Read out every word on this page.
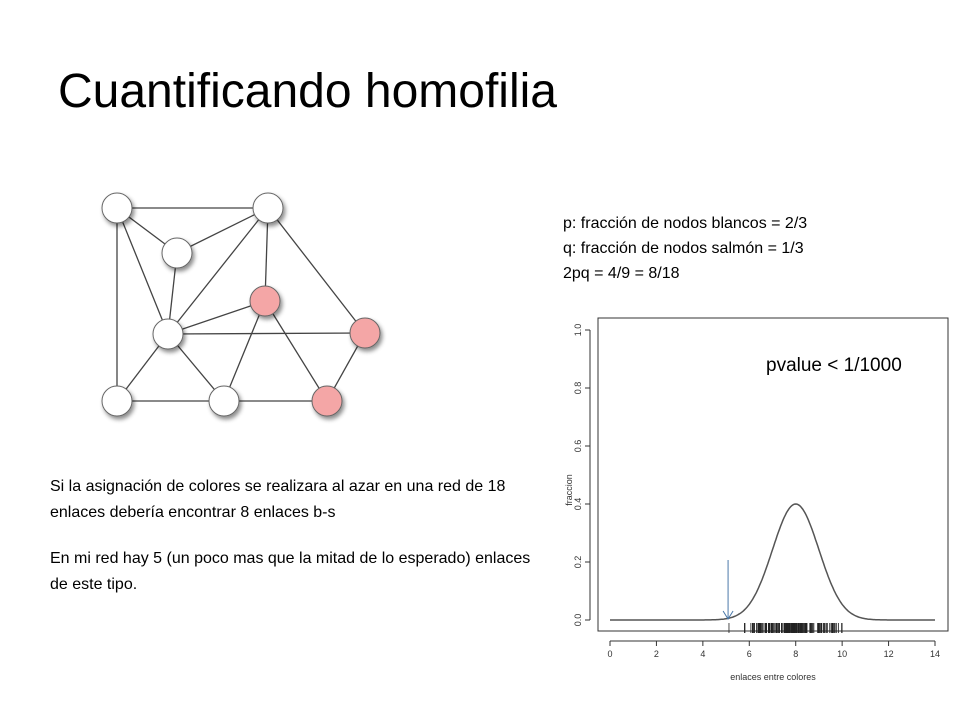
Cuantificando homofilia
p: fracción de nodos blancos = 2/3
q: fracción de nodos salmón = 1/3
2pq = 4/9 = 8/18

Si la asignación de colores se realizara al azar en una red de 18 enlaces debería encontrar 8 enlaces b-s

En mi red hay 5 (un poco mas que la mitad de lo esperado) enlaces de este tipo.

0	2	4	6	8	10	12	14
0.0
0.2
0.4
0.6
0.8
1.0
enlaces entre colores
fraccion
pvalue < 1/1000
